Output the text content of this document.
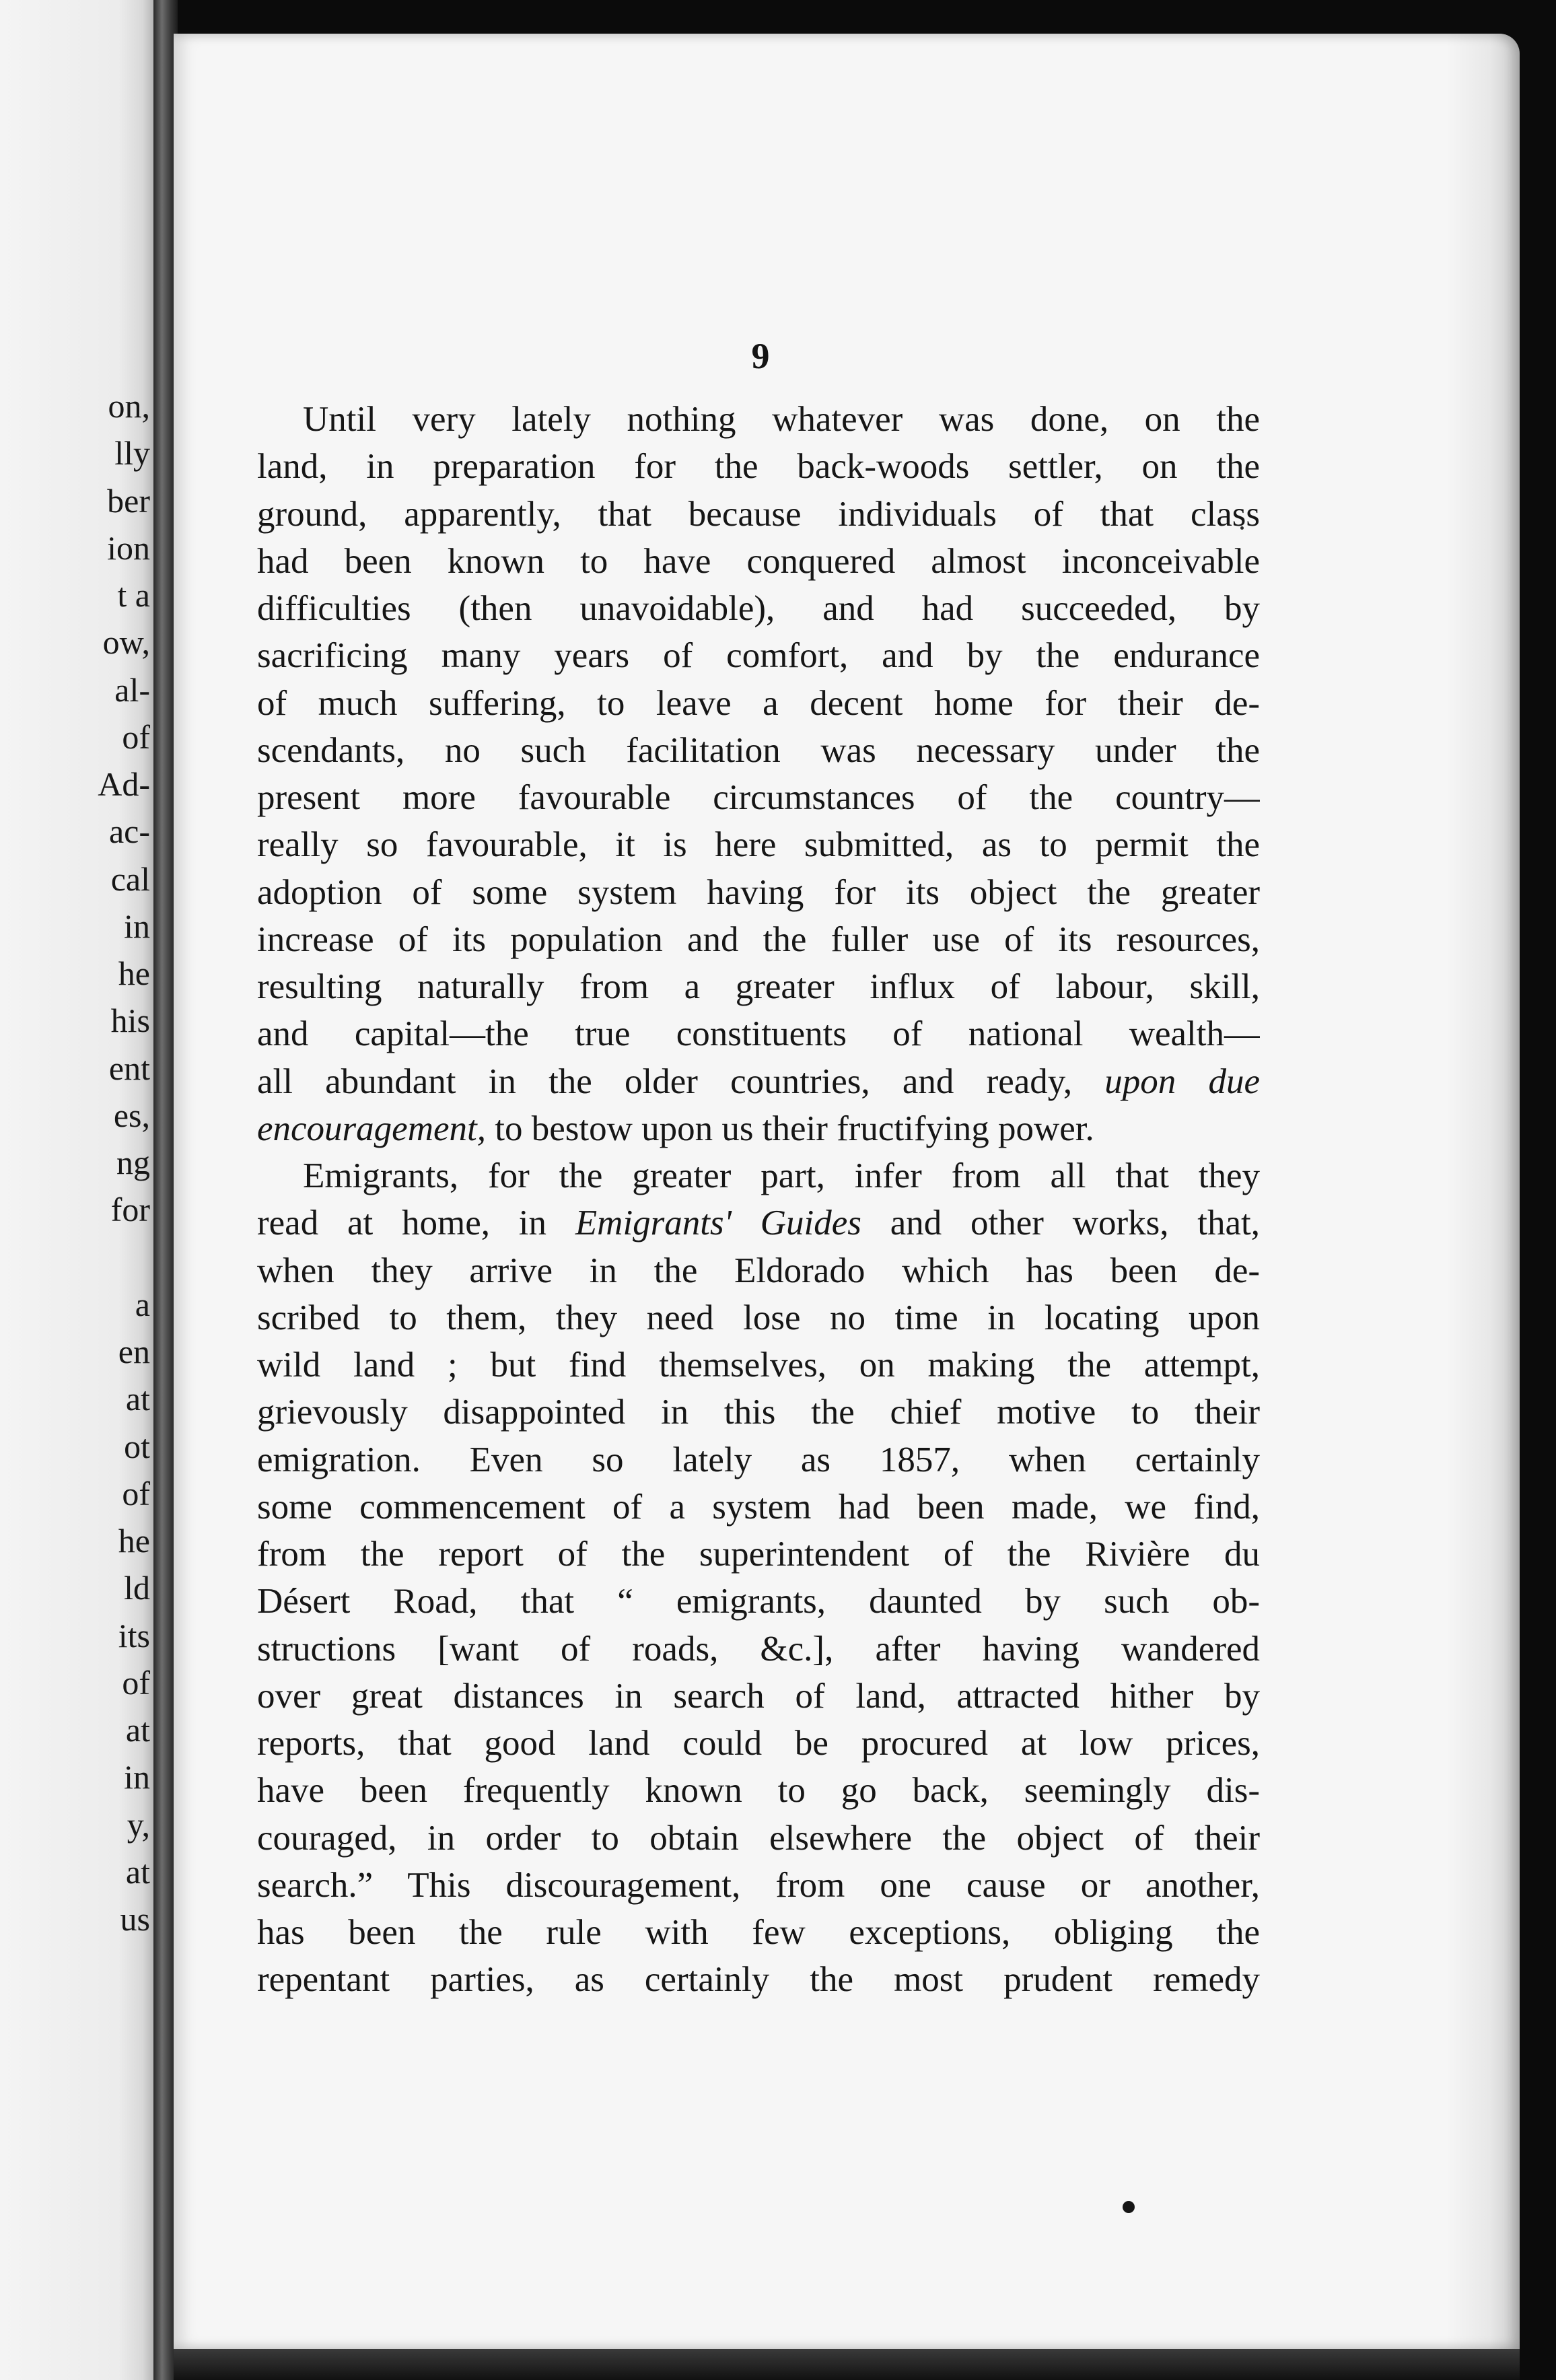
on,
lly
ber
ion
t a
ow,
al-
of
Ad-
ac-
cal
in
he
his
ent
es,
ng
for
a
en
at
ot
of
he
ld
its
of
at
in
y,
at
us
9
Until very lately nothing whatever was done, on the
land, in preparation for the back-woods settler, on the
ground, apparently, that because individuals of that class
had been known to have conquered almost inconceivable
difficulties (then unavoidable), and had succeeded, by
sacrificing many years of comfort, and by the endurance
of much suffering, to leave a decent home for their de-
scendants, no such facilitation was necessary under the
present more favourable circumstances of the country—
really so favourable, it is here submitted, as to permit the
adoption of some system having for its object the greater
increase of its population and the fuller use of its resources,
resulting naturally from a greater influx of labour, skill,
and capital—the true constituents of national wealth—
all abundant in the older countries, and ready, upon due
encouragement, to bestow upon us their fructifying power.
Emigrants, for the greater part, infer from all that they
read at home, in Emigrants' Guides and other works, that,
when they arrive in the Eldorado which has been de-
scribed to them, they need lose no time in locating upon
wild land ; but find themselves, on making the attempt,
grievously disappointed in this the chief motive to their
emigration. Even so lately as 1857, when certainly
some commencement of a system had been made, we find,
from the report of the superintendent of the Rivière du
Désert Road, that “ emigrants, daunted by such ob-
structions [want of roads, &c.], after having wandered
over great distances in search of land, attracted hither by
reports, that good land could be procured at low prices,
have been frequently known to go back, seemingly dis-
couraged, in order to obtain elsewhere the object of their
search.” This discouragement, from one cause or another,
has been the rule with few exceptions, obliging the
repentant parties, as certainly the most prudent remedy
